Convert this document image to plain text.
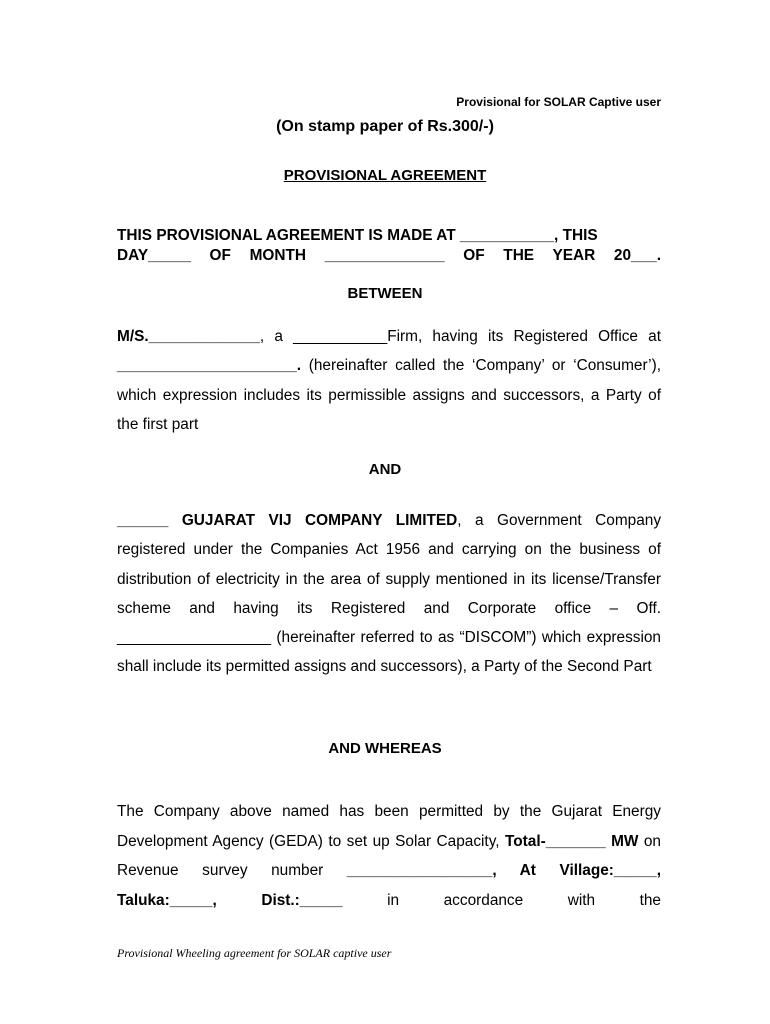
Provisional for SOLAR Captive user
(On stamp paper of Rs.300/-)
PROVISIONAL AGREEMENT
THIS PROVISIONAL AGREEMENT IS MADE AT ___________, THIS
DAY_____ OF MONTH ______________ OF THE YEAR 20___.
BETWEEN
M/S._____________, a ___________Firm, having its Registered Office at _____________________. (hereinafter called the ‘Company’ or ‘Consumer’), which expression includes its permissible assigns and successors, a Party of the first part
AND
______ GUJARAT VIJ COMPANY LIMITED, a Government Company registered under the Companies Act 1956 and carrying on the business of distribution of electricity in the area of supply mentioned in its license/Transfer scheme and having its Registered and Corporate office – Off. __________________ (hereinafter referred to as “DISCOM”) which expression shall include its permitted assigns and successors), a Party of the Second Part
AND WHEREAS
The Company above named has been permitted by the Gujarat Energy Development Agency (GEDA) to set up Solar Capacity, Total-_______ MW on Revenue survey number _________________, At Village:_____, Taluka:_____, Dist.:_____ in accordance with the
Provisional Wheeling agreement for SOLAR captive user
